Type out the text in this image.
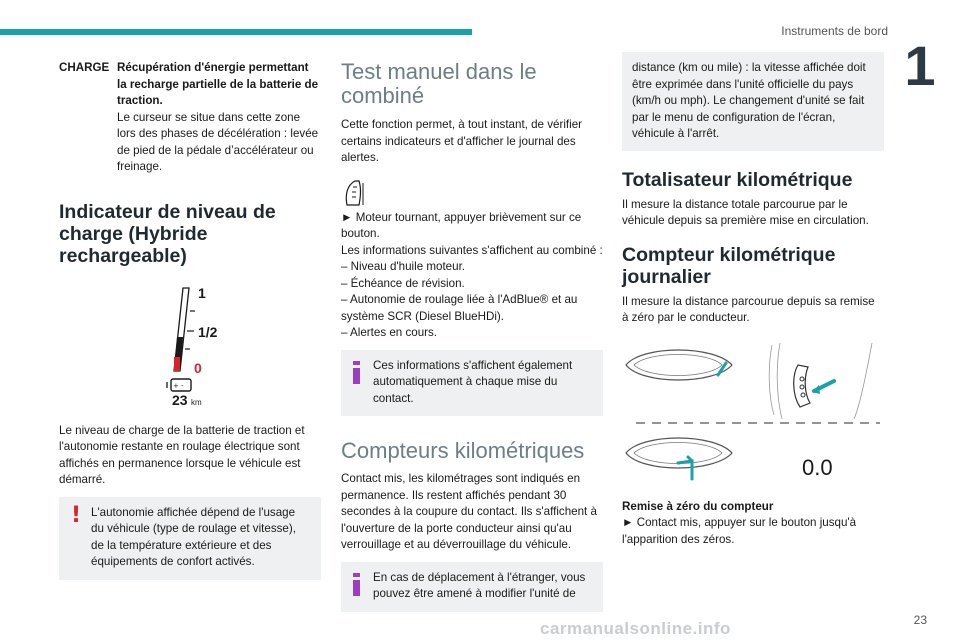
Instruments de bord
1
CHARGE Récupération d'énergie permettant la recharge partielle de la batterie de traction.
Le curseur se situe dans cette zone lors des phases de décélération : levée de pied de la pédale d’accélérateur ou freinage.
Indicateur de niveau de charge (Hybride rechargeable)
1
1/2
0
+ -
23 km

Le niveau de charge de la batterie de traction et l'autonomie restante en roulage électrique sont affichés en permanence lorsque le véhicule est démarré.

! L'autonomie affichée dépend de l'usage du véhicule (type de roulage et vitesse), de la température extérieure et des équipements de confort activés.
Test manuel dans le combiné

Cette fonction permet, à tout instant, de vérifier certains indicateurs et d'afficher le journal des alertes.

► Moteur tournant, appuyer brièvement sur ce bouton.

Les informations suivantes s'affichent au combiné :

– Niveau d'huile moteur.

– Échéance de révision.

– Autonomie de roulage liée à l'AdBlue® et au système SCR (Diesel BlueHDi).

– Alertes en cours.

Ces informations s'affichent également automatiquement à chaque mise du contact.
Compteurs kilométriques

Contact mis, les kilométrages sont indiqués en permanence. Ils restent affichés pendant 30 secondes à la coupure du contact. Ils s'affichent à l'ouverture de la porte conducteur ainsi qu'au verrouillage et au déverrouillage du véhicule.

En cas de déplacement à l'étranger, vous pouvez être amené à modifier l'unité de
distance (km ou mile) : la vitesse affichée doit être exprimée dans l'unité officielle du pays (km/h ou mph). Le changement d'unité se fait par le menu de configuration de l'écran, véhicule à l'arrêt.
Totalisateur kilométrique

Il mesure la distance totale parcourue par le véhicule depuis sa première mise en circulation.

Compteur kilométrique journalier

Il mesure la distance parcourue depuis sa remise à zéro par le conducteur.

0.0

Remise à zéro du compteur

► Contact mis, appuyer sur le bouton jusqu'à l'apparition des zéros.

23
carmanualsonline.info
